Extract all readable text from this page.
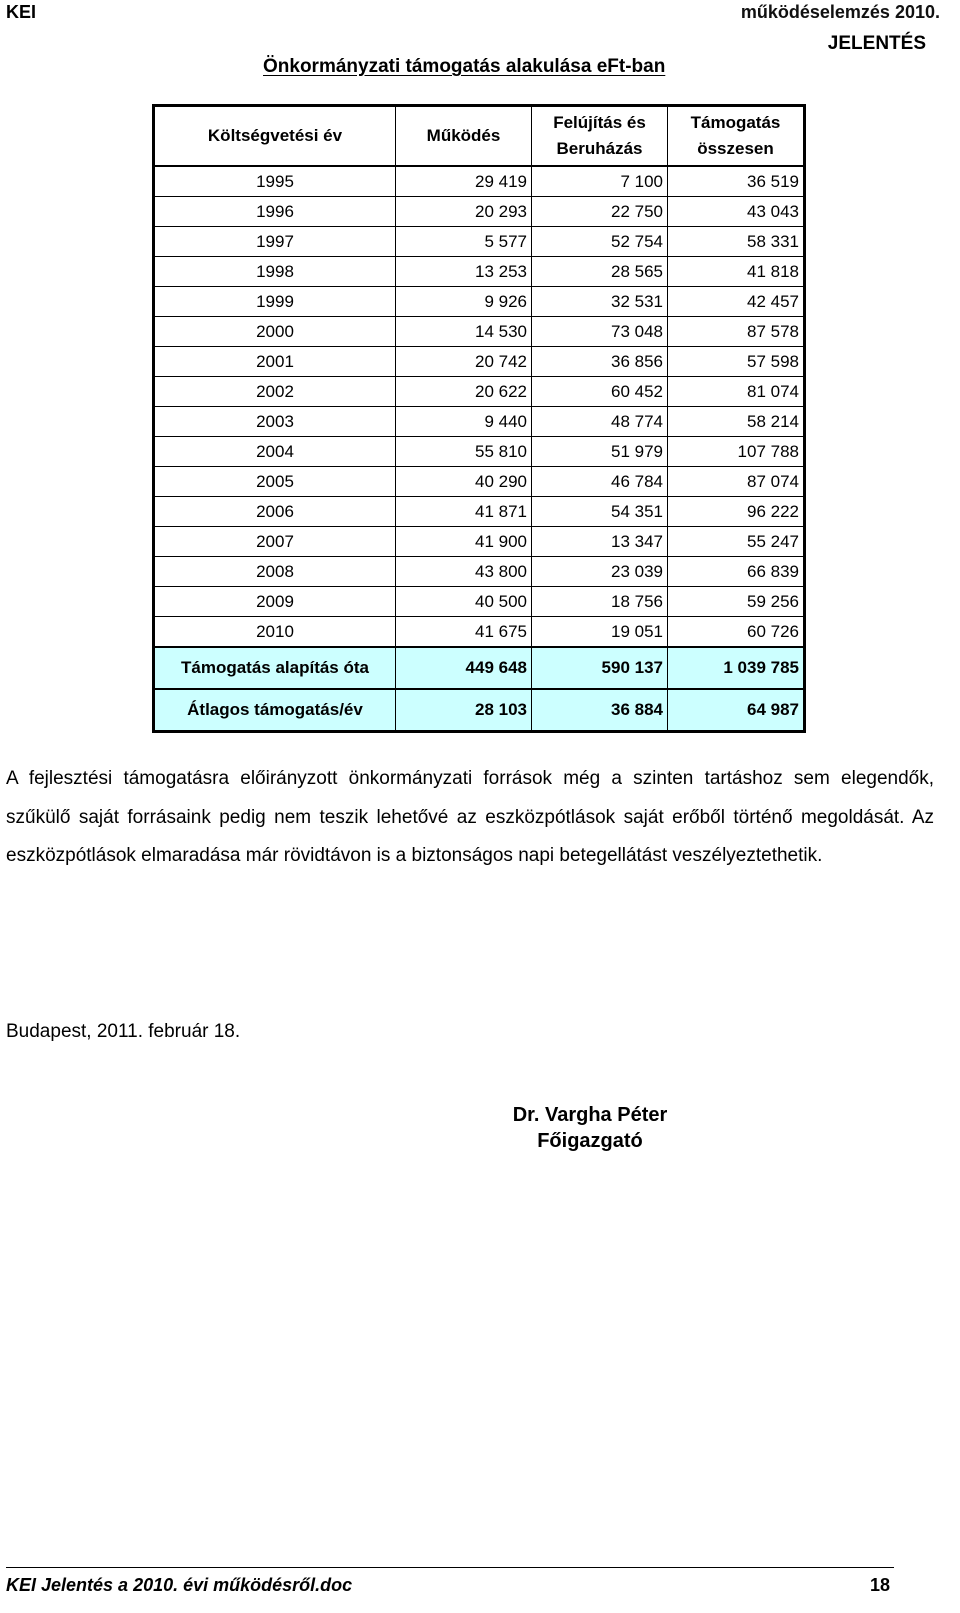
KEI	működéselemzés 2010.
JELENTÉS
Önkormányzati támogatás alakulása eFt-ban
Költségvetési év	Működés	Felújítás és Beruházás	Támogatás összesen
1995	29 419	7 100	36 519
1996	20 293	22 750	43 043
1997	5 577	52 754	58 331
1998	13 253	28 565	41 818
1999	9 926	32 531	42 457
2000	14 530	73 048	87 578
2001	20 742	36 856	57 598
2002	20 622	60 452	81 074
2003	9 440	48 774	58 214
2004	55 810	51 979	107 788
2005	40 290	46 784	87 074
2006	41 871	54 351	96 222
2007	41 900	13 347	55 247
2008	43 800	23 039	66 839
2009	40 500	18 756	59 256
2010	41 675	19 051	60 726
Támogatás alapítás óta	449 648	590 137	1 039 785
Átlagos támogatás/év	28 103	36 884	64 987

A fejlesztési támogatásra előirányzott önkormányzati források még a szinten tartáshoz sem elegendők, szűkülő saját forrásaink pedig nem teszik lehetővé az eszközpótlások saját erőből történő megoldását. Az eszközpótlások elmaradása már rövidtávon is a biztonságos napi betegellátást veszélyeztethetik.

Budapest, 2011. február 18.
Dr. Vargha Péter
Főigazgató
KEI Jelentés a 2010. évi működésről.doc	18
